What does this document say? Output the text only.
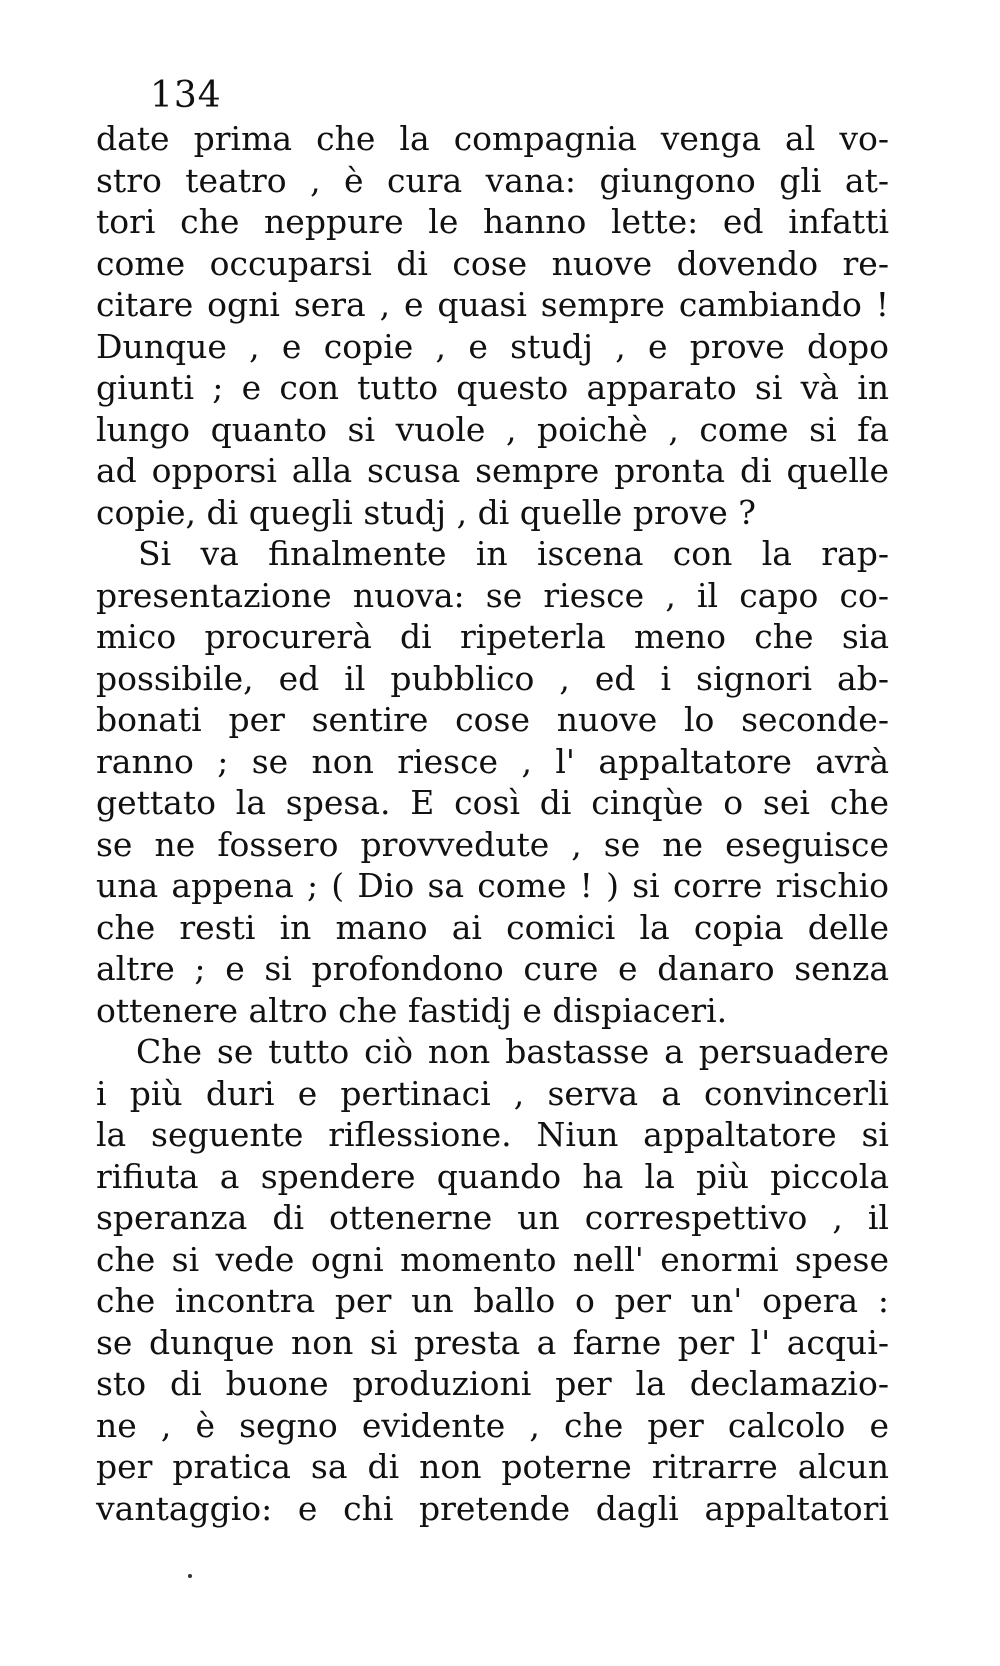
134
date prima che la compagnia venga al vo-
stro teatro , è cura vana: giungono gli at-
tori che neppure le hanno lette: ed infatti
come occuparsi di cose nuove dovendo re-
citare ogni sera , e quasi sempre cambiando !
Dunque , e copie , e studj , e prove dopo
giunti ; e con tutto questo apparato si và in
lungo quanto si vuole , poichè , come si fa
ad opporsi alla scusa sempre pronta di quelle
copie, di quegli studj , di quelle prove ?
Si va finalmente in iscena con la rap-
presentazione nuova: se riesce , il capo co-
mico procurerà di ripeterla meno che sia
possibile, ed il pubblico , ed i signori ab-
bonati per sentire cose nuove lo seconde-
ranno ; se non riesce , l' appaltatore avrà
gettato la spesa. E così di cinqùe o sei che
se ne fossero provvedute , se ne eseguisce
una appena ; ( Dio sa come ! ) si corre rischio
che resti in mano ai comici la copia delle
altre ; e si profondono cure e danaro senza
ottenere altro che fastidj e dispiaceri.
Che se tutto ciò non bastasse a persuadere
i più duri e pertinaci , serva a convincerli
la seguente riflessione. Niun appaltatore si
rifiuta a spendere quando ha la più piccola
speranza di ottenerne un correspettivo , il
che si vede ogni momento nell' enormi spese
che incontra per un ballo o per un' opera :
se dunque non si presta a farne per l' acqui-
sto di buone produzioni per la declamazio-
ne , è segno evidente , che per calcolo e
per pratica sa di non poterne ritrarre alcun
vantaggio: e chi pretende dagli appaltatori
